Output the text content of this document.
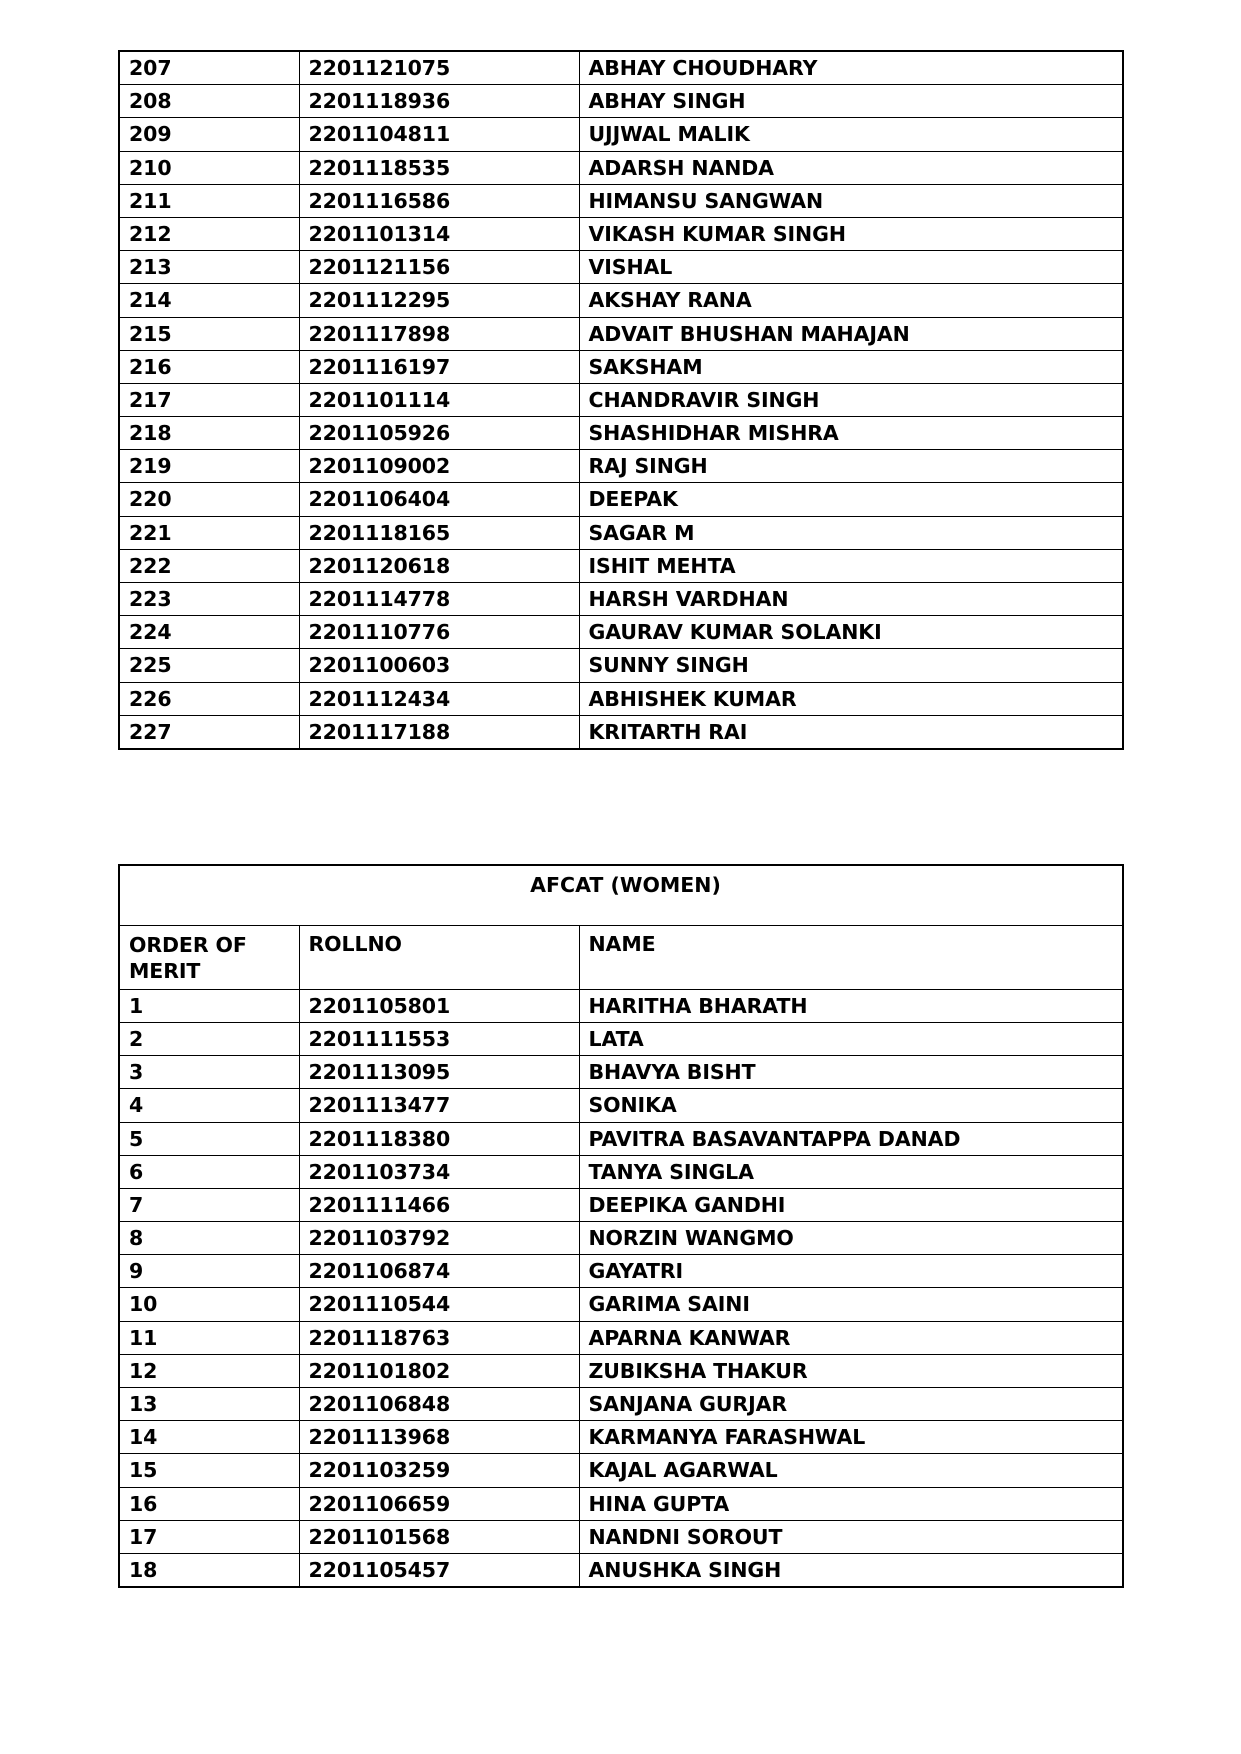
207	2201121075	ABHAY CHOUDHARY
208	2201118936	ABHAY SINGH
209	2201104811	UJJWAL MALIK
210	2201118535	ADARSH NANDA
211	2201116586	HIMANSU SANGWAN
212	2201101314	VIKASH KUMAR SINGH
213	2201121156	VISHAL
214	2201112295	AKSHAY RANA
215	2201117898	ADVAIT BHUSHAN MAHAJAN
216	2201116197	SAKSHAM
217	2201101114	CHANDRAVIR SINGH
218	2201105926	SHASHIDHAR MISHRA
219	2201109002	RAJ SINGH
220	2201106404	DEEPAK
221	2201118165	SAGAR M
222	2201120618	ISHIT MEHTA
223	2201114778	HARSH VARDHAN
224	2201110776	GAURAV KUMAR SOLANKI
225	2201100603	SUNNY SINGH
226	2201112434	ABHISHEK KUMAR
227	2201117188	KRITARTH RAI
AFCAT (WOMEN)		
ORDER OF MERIT	ROLLNO	NAME
1	2201105801	HARITHA BHARATH
2	2201111553	LATA
3	2201113095	BHAVYA BISHT
4	2201113477	SONIKA
5	2201118380	PAVITRA BASAVANTAPPA DANAD
6	2201103734	TANYA SINGLA
7	2201111466	DEEPIKA GANDHI
8	2201103792	NORZIN WANGMO
9	2201106874	GAYATRI
10	2201110544	GARIMA SAINI
11	2201118763	APARNA KANWAR
12	2201101802	ZUBIKSHA THAKUR
13	2201106848	SANJANA GURJAR
14	2201113968	KARMANYA FARASHWAL
15	2201103259	KAJAL AGARWAL
16	2201106659	HINA GUPTA
17	2201101568	NANDNI SOROUT
18	2201105457	ANUSHKA SINGH
